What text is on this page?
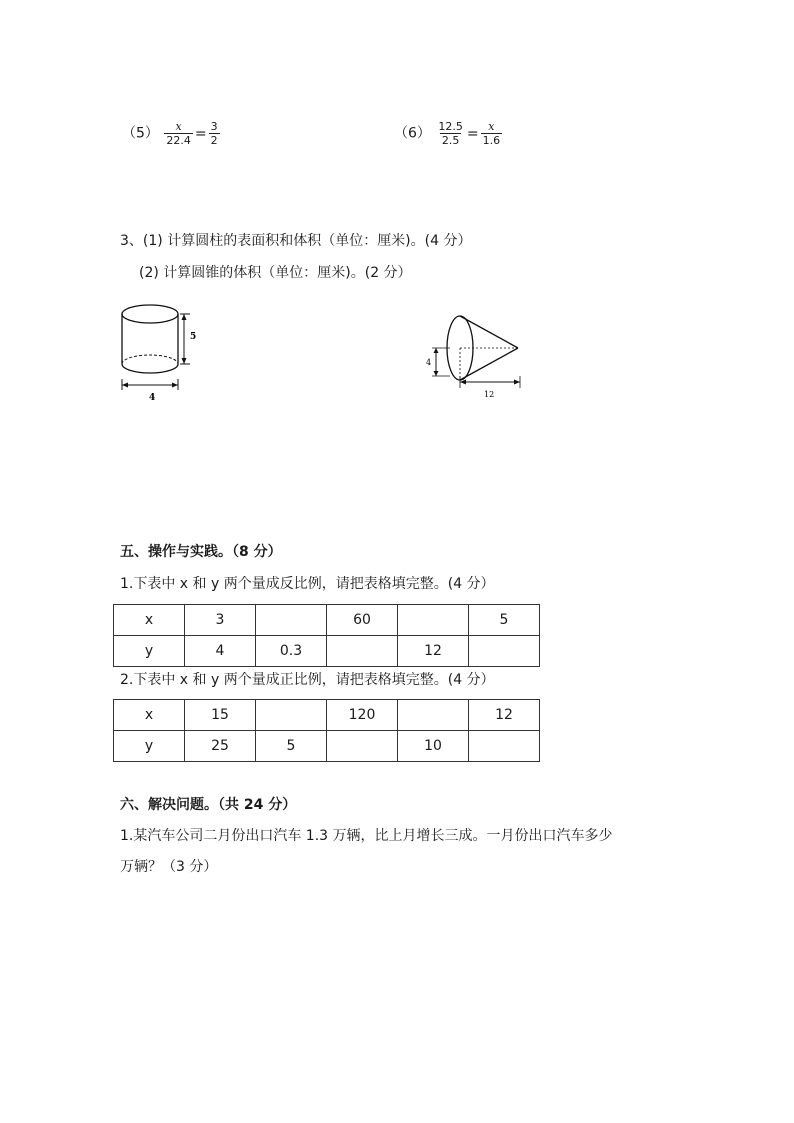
$(5) \frac{x}{22.4} = \frac{3}{2}$	$(6) \frac{12.5}{2.5} = \frac{x}{1.6}$
3、(1) 计算圆柱的表面积和体积（单位：厘米)。(4 分）
(2) 计算圆锥的体积（单位：厘米)。(2 分）
5
4
4
12
五、操作与实践。（8 分）
1.下表中 x 和 y 两个量成反比例，请把表格填完整。(4 分）
x	3		60		5
y	4	0.3		12	
2.下表中 x 和 y 两个量成正比例，请把表格填完整。(4 分）
x	15		120		12
y	25	5		10	
六、解决问题。（共 24 分）
1.某汽车公司二月份出口汽车 1.3 万辆，比上月增长三成。一月份出口汽车多少
万辆？（3 分）
